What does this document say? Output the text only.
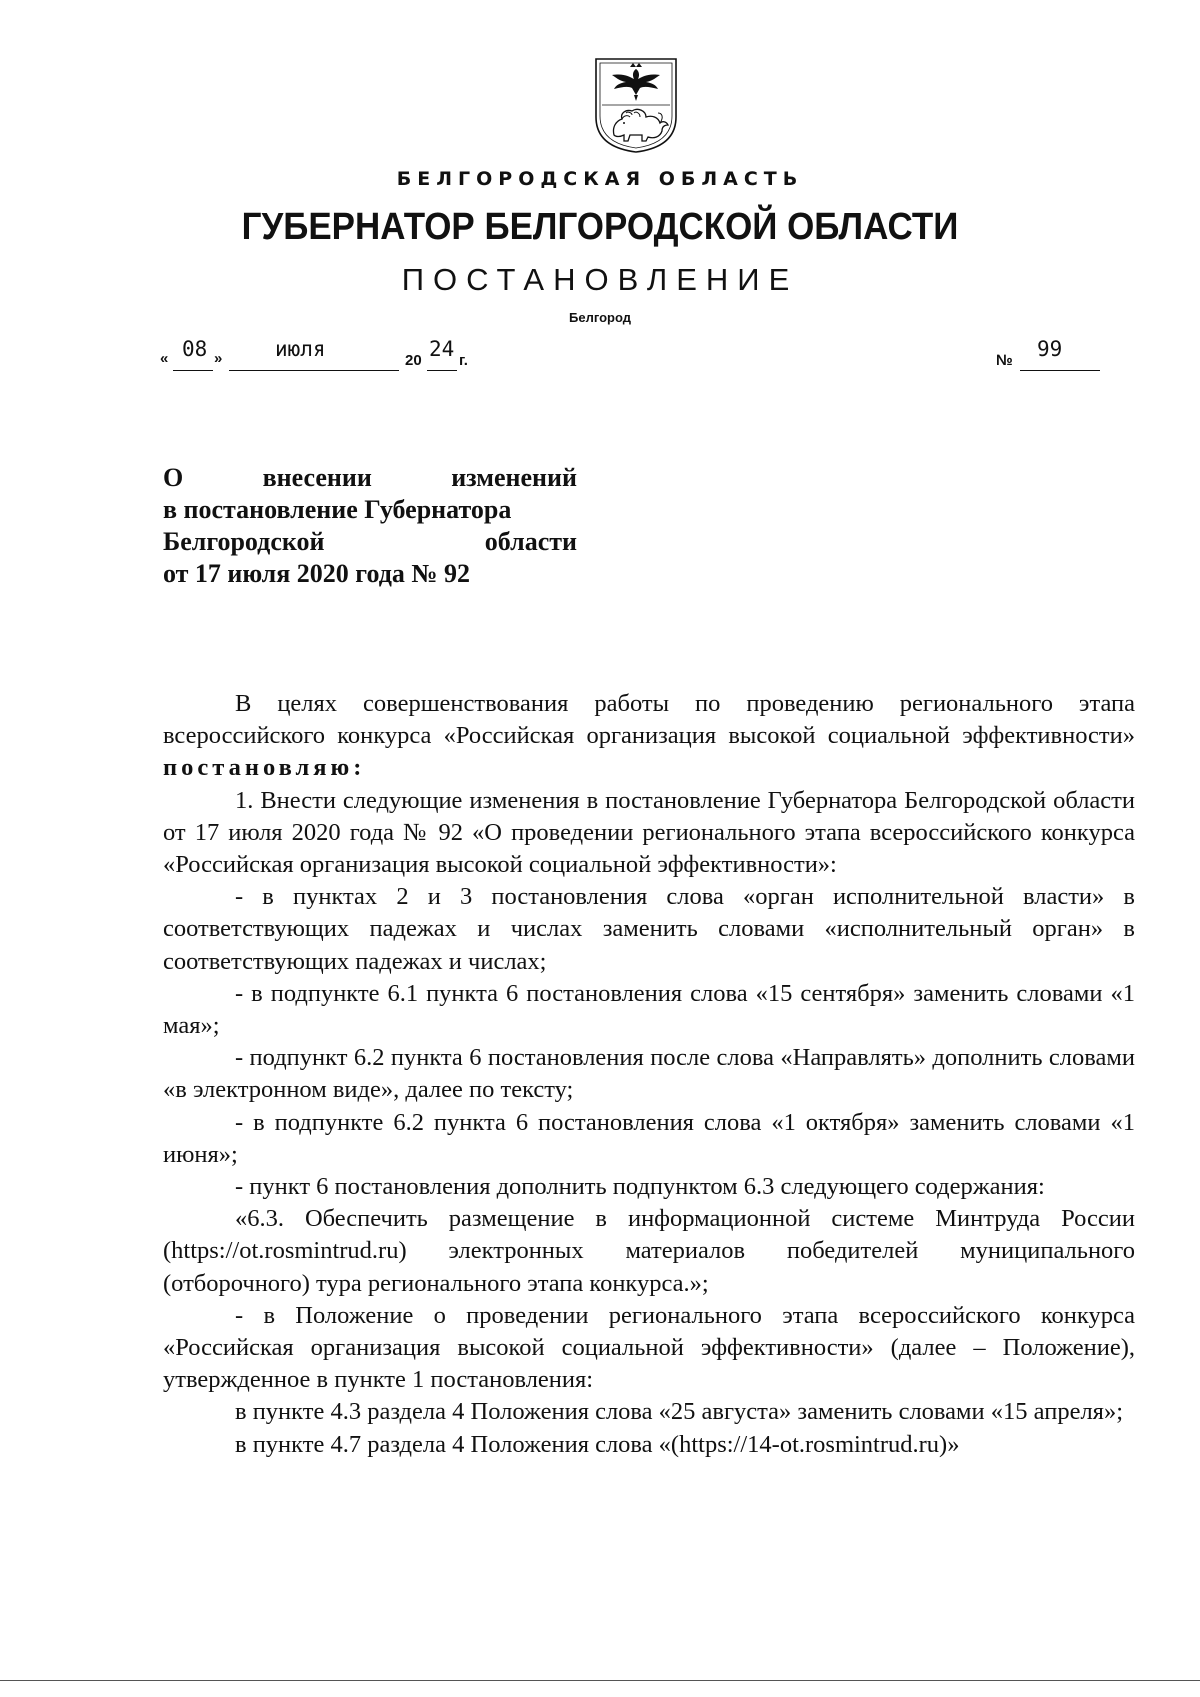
БЕЛГОРОДСКАЯ ОБЛАСТЬ
ГУБЕРНАТОР БЕЛГОРОДСКОЙ ОБЛАСТИ
ПОСТАНОВЛЕНИЕ
Белгород
« 08 »	июля	20 24 г.	№ 99
О	внесении	изменений
в постановление Губернатора
Белгородской	области
от 17 июля 2020 года № 92

В целях совершенствования работы по проведению регионального этапа всероссийского конкурса «Российская организация высокой социальной эффективности» постановляю:

1. Внести следующие изменения в постановление Губернатора Белгородской области от 17 июля 2020 года № 92 «О проведении регионального этапа всероссийского конкурса «Российская организация высокой социальной эффективности»:

- в пунктах 2 и 3 постановления слова «орган исполнительной власти» в соответствующих падежах и числах заменить словами «исполнительный орган» в соответствующих падежах и числах;

- в подпункте 6.1 пункта 6 постановления слова «15 сентября» заменить словами «1 мая»;

- подпункт 6.2 пункта 6 постановления после слова «Направлять» дополнить словами «в электронном виде», далее по тексту;

- в подпункте 6.2 пункта 6 постановления слова «1 октября» заменить словами «1 июня»;

- пункт 6 постановления дополнить подпунктом 6.3 следующего содержания:

«6.3. Обеспечить размещение в информационной системе Минтруда России (https://ot.rosmintrud.ru) электронных материалов победителей муниципального (отборочного) тура регионального этапа конкурса.»;

- в Положение о проведении регионального этапа всероссийского конкурса «Российская организация высокой социальной эффективности» (далее – Положение), утвержденное в пункте 1 постановления:

в пункте 4.3 раздела 4 Положения слова «25 августа» заменить словами «15 апреля»;

в пункте 4.7 раздела 4 Положения слова «(https://14-ot.rosmintrud.ru)»
